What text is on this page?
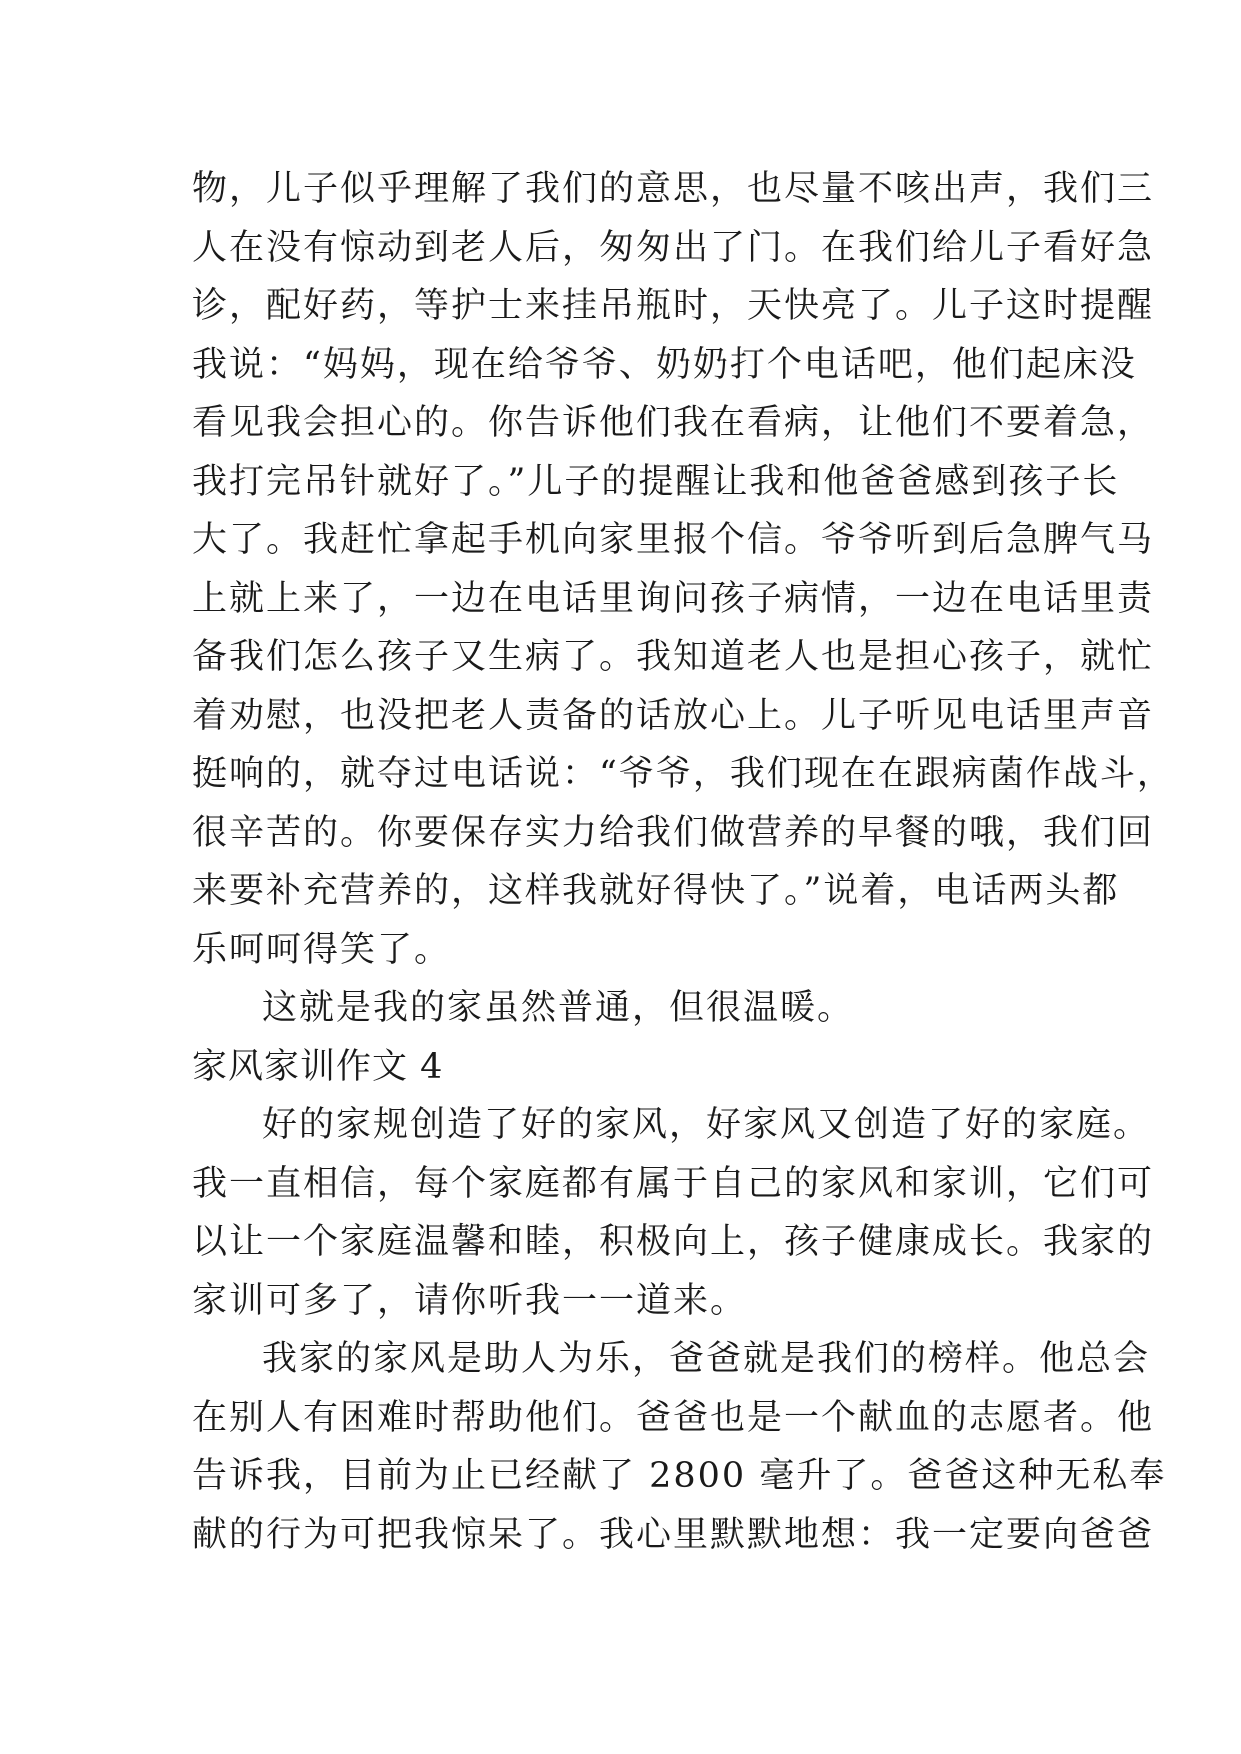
物，儿子似乎理解了我们的意思，也尽量不咳出声，我们三
人在没有惊动到老人后，匆匆出了门。在我们给儿子看好急
诊，配好药，等护士来挂吊瓶时，天快亮了。儿子这时提醒
我说：“妈妈，现在给爷爷、奶奶打个电话吧，他们起床没
看见我会担心的。你告诉他们我在看病，让他们不要着急，
我打完吊针就好了。”儿子的提醒让我和他爸爸感到孩子长
大了。我赶忙拿起手机向家里报个信。爷爷听到后急脾气马
上就上来了，一边在电话里询问孩子病情，一边在电话里责
备我们怎么孩子又生病了。我知道老人也是担心孩子，就忙
着劝慰，也没把老人责备的话放心上。儿子听见电话里声音
挺响的，就夺过电话说：“爷爷，我们现在在跟病菌作战斗，
很辛苦的。你要保存实力给我们做营养的早餐的哦，我们回
来要补充营养的，这样我就好得快了。”说着，电话两头都
乐呵呵得笑了。
这就是我的家虽然普通，但很温暖。
家风家训作文 4
好的家规创造了好的家风，好家风又创造了好的家庭。
我一直相信，每个家庭都有属于自己的家风和家训，它们可
以让一个家庭温馨和睦，积极向上，孩子健康成长。我家的
家训可多了，请你听我一一道来。
我家的家风是助人为乐，爸爸就是我们的榜样。他总会
在别人有困难时帮助他们。爸爸也是一个献血的志愿者。他
告诉我，目前为止已经献了 2800 毫升了。爸爸这种无私奉
献的行为可把我惊呆了。我心里默默地想：我一定要向爸爸
